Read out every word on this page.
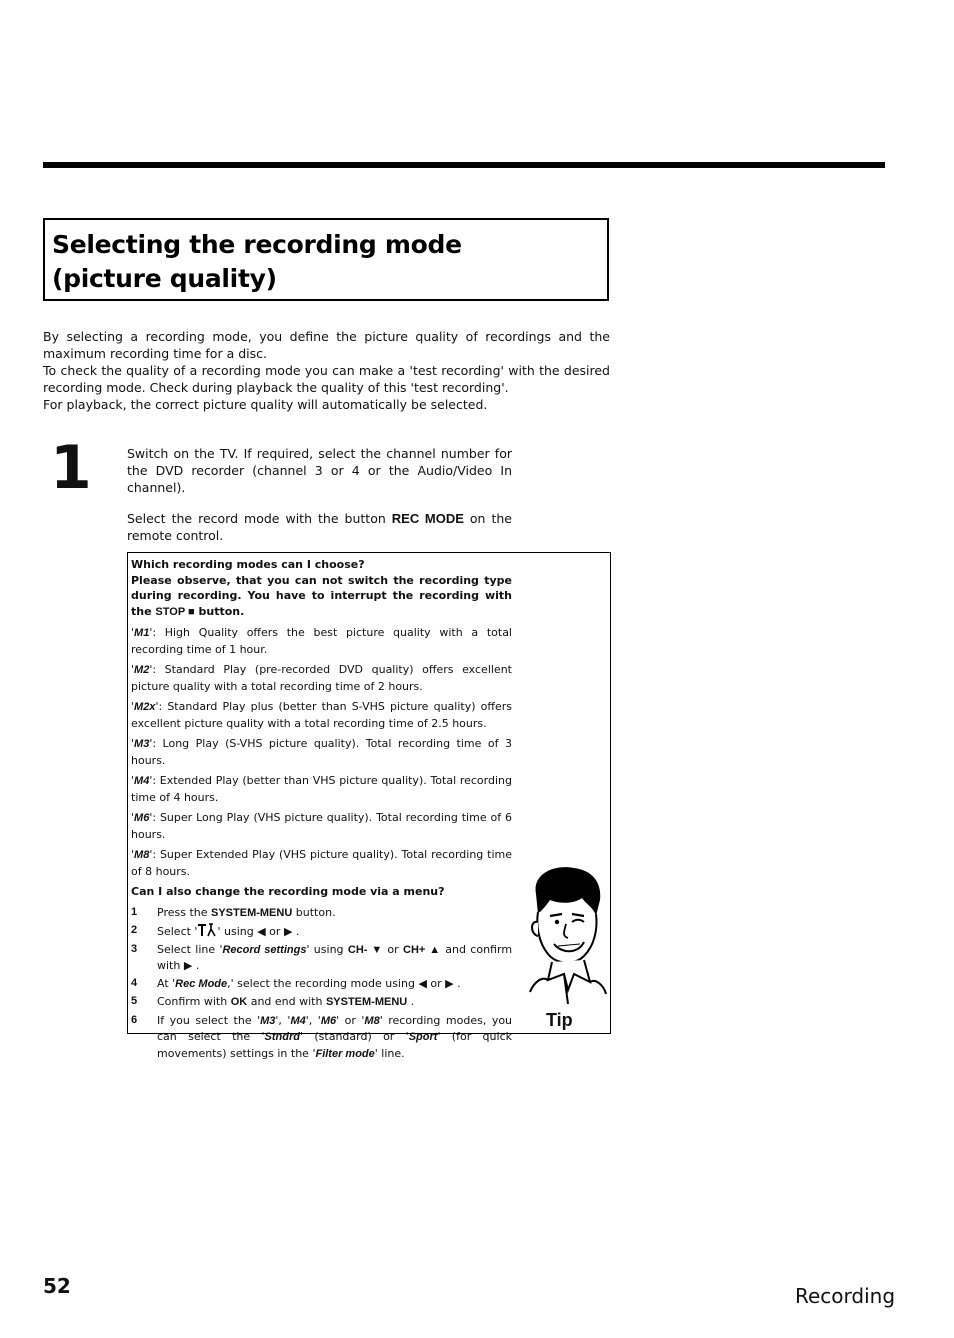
Selecting the recording mode
(picture quality)

By selecting a recording mode, you define the picture quality of recordings and the maximum recording time for a disc.

To check the quality of a recording mode you can make a 'test recording' with the desired recording mode. Check during playback the quality of this 'test recording'.

For playback, the correct picture quality will automatically be selected.

1	Switch on the TV. If required, select the channel number for the DVD recorder (channel 3 or 4 or the Audio/Video In channel).

Select the record mode with the button REC MODE on the remote control.

Which recording modes can I choose?

Please observe, that you can not switch the recording type during recording. You have to interrupt the recording with the STOP ■ button.

'M1': High Quality offers the best picture quality with a total recording time of 1 hour.

'M2': Standard Play (pre-recorded DVD quality) offers excellent picture quality with a total recording time of 2 hours.

'M2x': Standard Play plus (better than S-VHS picture quality) offers excellent picture quality with a total recording time of 2.5 hours.

'M3': Long Play (S-VHS picture quality). Total recording time of 3 hours.

'M4': Extended Play (better than VHS picture quality). Total recording time of 4 hours.

'M6': Super Long Play (VHS picture quality). Total recording time of 6 hours.

'M8': Super Extended Play (VHS picture quality). Total recording time of 8 hours.

Can I also change the recording mode via a menu?

1	Press the SYSTEM-MENU button.
2	Select ' ' using ◀ or ▶ .
3	Select line 'Record settings' using CH- ▼ or CH+ ▲ and confirm with ▶ .
4	At 'Rec Mode,' select the recording mode using ◀ or ▶ .
5	Confirm with OK and end with SYSTEM-MENU .
6	If you select the 'M3', 'M4', 'M6' or 'M8' recording modes, you can select the 'Stndrd' (standard) or 'Sport' (for quick movements) settings in the 'Filter mode' line.
Tip
52	Recording
